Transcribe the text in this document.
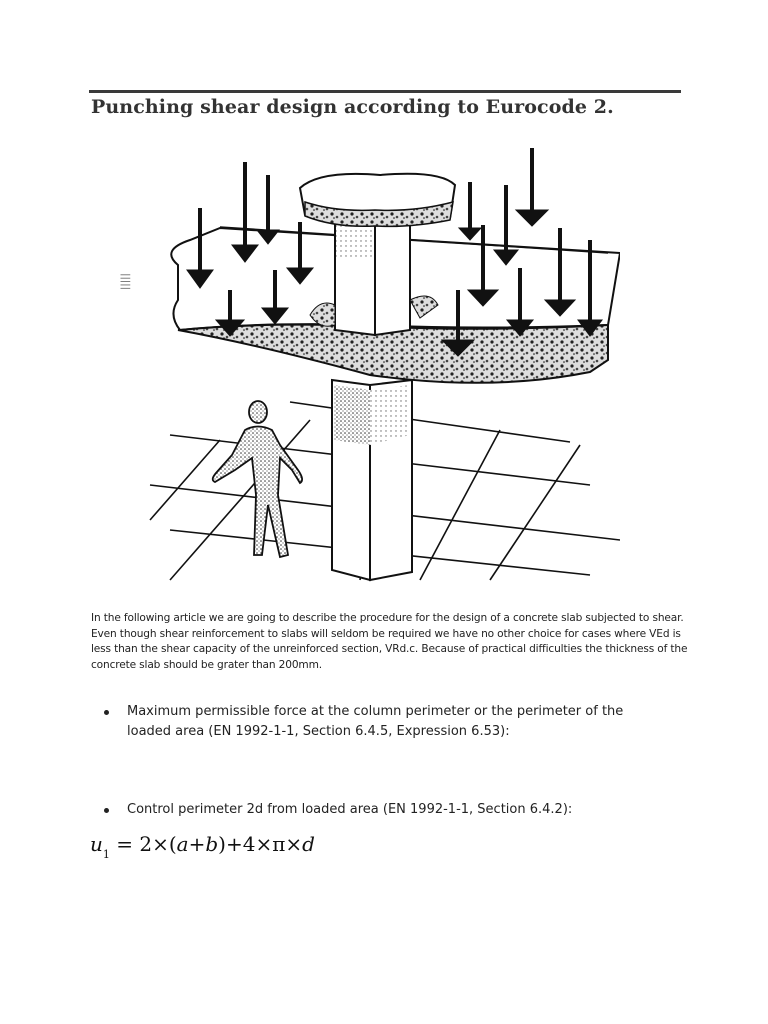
Punching shear design according to Eurocode 2.
|||||
In the following article we are going to describe the procedure for the design of a concrete slab subjected to shear. Even though shear reinforcement to slabs will seldom be required we have no other choice for cases where VEd is less than the shear capacity of the unreinforced section, VRd.c. Because of practical difficulties the thickness of the concrete slab should be grater than 200mm.
Maximum permissible force at the column perimeter or the perimeter of the loaded area (EN 1992-1-1, Section 6.4.5, Expression 6.53):
Control perimeter 2d from loaded area (EN 1992-1-1, Section 6.4.2):
$u_1 = 2\times(a+b)+4\times\pi\times d$
